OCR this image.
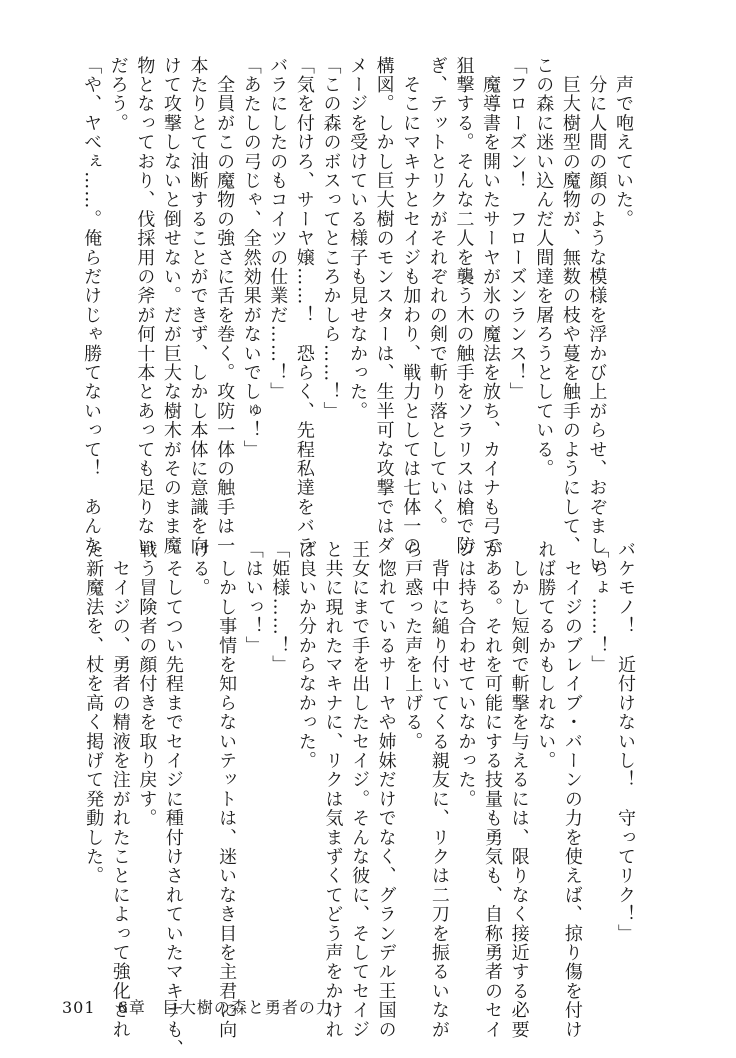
　声で咆えていた。
　分に人間の顔のような模様を浮かび上がらせ、おぞましい
　巨大樹型の魔物が、無数の枝や蔓を触手のようにして、
この森に迷い込んだ人間達を屠ろうとしている。
「フローズン！　フローズンランス！」
　魔導書を開いたサーヤが氷の魔法を放ち、カイナも弓で
狙撃する。そんな二人を襲う木の触手をソラリスは槍で防
ぎ、テットとリクがそれぞれの剣で斬り落としていく。
　そこにマキナとセイジも加わり、戦力としては七体一の
構図。しかし巨大樹のモンスターは、生半可な攻撃ではダ
メージを受けている様子も見せなかった。
「この森のボスってところかしら……！」
「気を付けろ、サーヤ嬢……！　恐らく、先程私達をバラ
バラにしたのもコイツの仕業だ……！」
「あたしの弓じゃ、全然効果がないでしゅ！」
　全員がこの魔物の強さに舌を巻く。攻防一体の触手は一
本たりとて油断することができず、しかし本体に意識を向
けて攻撃しないと倒せない。だが巨大な樹木がそのまま魔
物となっており、伐採用の斧が何十本とあっても足りない
だろう。
「や、ヤべぇ……。俺らだけじゃ勝てないって！　あんな

バケモノ！　近付けないし！　守ってリク！」
「ちょ……！」
　セイジのブレイブ・バーンの力を使えば、掠り傷を付け
れば勝てるかもしれない。
　しかし短剣で斬撃を与えるには、限りなく接近する必要
がある。それを可能にする技量も勇気も、自称勇者のセイ
ジは持ち合わせていなかった。
　背中に縋り付いてくる親友に、リクは二刀を振るいなが
ら戸惑った声を上げる。
　惚れているサーヤや姉妹だけでなく、グランデル王国の
王女にまで手を出したセイジ。そんな彼に、そしてセイジ
と共に現れたマキナに、リクは気まずくてどう声をかけれ
ば良いか分からなかった。
「姫様……！」
「はいっ！」
　しかし事情を知らないテットは、迷いなき目を主君に向
ける。
　そしてつい先程までセイジに種付けされていたマキナも、
戦う冒険者の顔付きを取り戻す。
　セイジの、勇者の精液を注がれたことによって強化され
た新魔法を、杖を高く掲げて発動した。

301 6章　巨大樹の森と勇者の力
